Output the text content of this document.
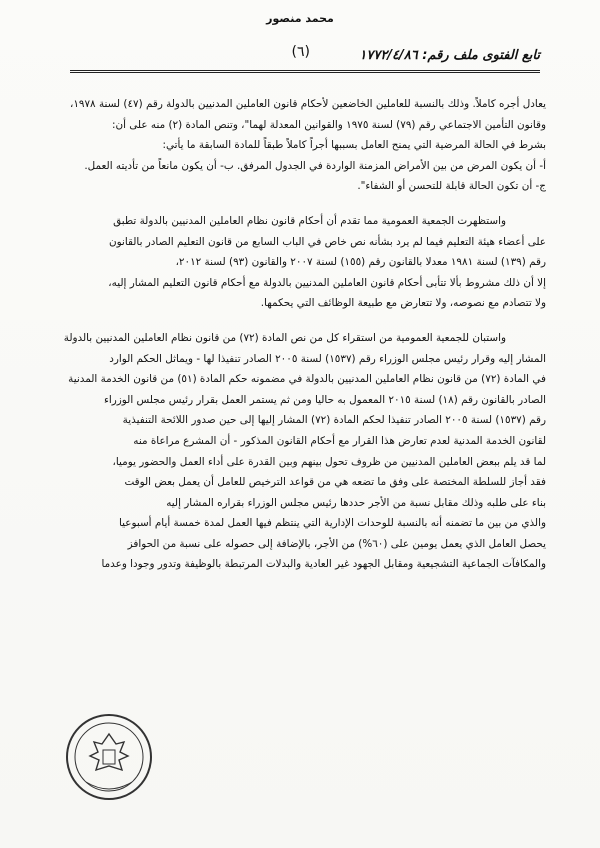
محمد منصور
تابع الفتوى ملف رقم: ١٧٧٢/٤/٨٦
(٦)

يعادل أجره كاملاً. وذلك بالنسبة للعاملين الخاضعين لأحكام قانون العاملين المدنيين بالدولة رقم (٤٧) لسنة ١٩٧٨،

وقانون التأمين الاجتماعي رقم (٧٩) لسنة ١٩٧٥ والقوانين المعدلة لهما"، وتنص المادة (٢) منه على أن:

بشرط في الحالة المرضية التي يمنح العامل بسببها أجراً كاملاً طبقاً للمادة السابقة ما يأتي:

أ- أن يكون المرض من بين الأمراض المزمنة الواردة في الجدول المرفق. ب- أن يكون مانعاً من تأديته العمل.

ج- أن تكون الحالة قابلة للتحسن أو الشفاء".

واستظهرت الجمعية العمومية مما تقدم أن أحكام قانون نظام العاملين المدنيين بالدولة تطبق

على أعضاء هيئة التعليم فيما لم يرد بشأنه نص خاص في الباب السابع من قانون التعليم الصادر بالقانون

رقم (١٣٩) لسنة ١٩٨١ معدلا بالقانون رقم (١٥٥) لسنة ٢٠٠٧ والقانون (٩٣) لسنة ٢٠١٢،

إلا أن ذلك مشروط بألا تتأبى أحكام قانون العاملين المدنيين بالدولة مع أحكام قانون التعليم المشار إليه،

ولا تتصادم مع نصوصه، ولا تتعارض مع طبيعة الوظائف التي يحكمها.

واستبان للجمعية العمومية من استقراء كل من نص المادة (٧٢) من قانون نظام العاملين المدنيين بالدولة

المشار إليه وقرار رئيس مجلس الوزراء رقم (١٥٣٧) لسنة ٢٠٠٥ الصادر تنفيذا لها - ويماثل الحكم الوارد

في المادة (٧٢) من قانون نظام العاملين المدنيين بالدولة في مضمونه حكم المادة (٥١) من قانون الخدمة المدنية

الصادر بالقانون رقم (١٨) لسنة ٢٠١٥ المعمول به حاليا ومن ثم يستمر العمل بقرار رئيس مجلس الوزراء

رقم (١٥٣٧) لسنة ٢٠٠٥ الصادر تنفيذا لحكم المادة (٧٢) المشار إليها إلى حين صدور اللائحة التنفيذية

لقانون الخدمة المدنية لعدم تعارض هذا القرار مع أحكام القانون المذكور - أن المشرع مراعاة منه

لما قد يلم ببعض العاملين المدنيين من ظروف تحول بينهم وبين القدرة على أداء العمل والحضور يوميا،

فقد أجاز للسلطة المختصة على وفق ما تضعه هي من قواعد الترخيص للعامل أن يعمل بعض الوقت

بناء على طلبه وذلك مقابل نسبة من الأجر حددها رئيس مجلس الوزراء بقراره المشار إليه

والذي من بين ما تضمنه أنه بالنسبة للوحدات الإدارية التي ينتظم فيها العمل لمدة خمسة أيام أسبوعيا

يحصل العامل الذي يعمل يومين على (٦٠%) من الأجر، بالإضافة إلى حصوله على نسبة من الحوافز

والمكافآت الجماعية التشجيعية ومقابل الجهود غير العادية والبدلات المرتبطة بالوظيفة وتدور وجودا وعدما
